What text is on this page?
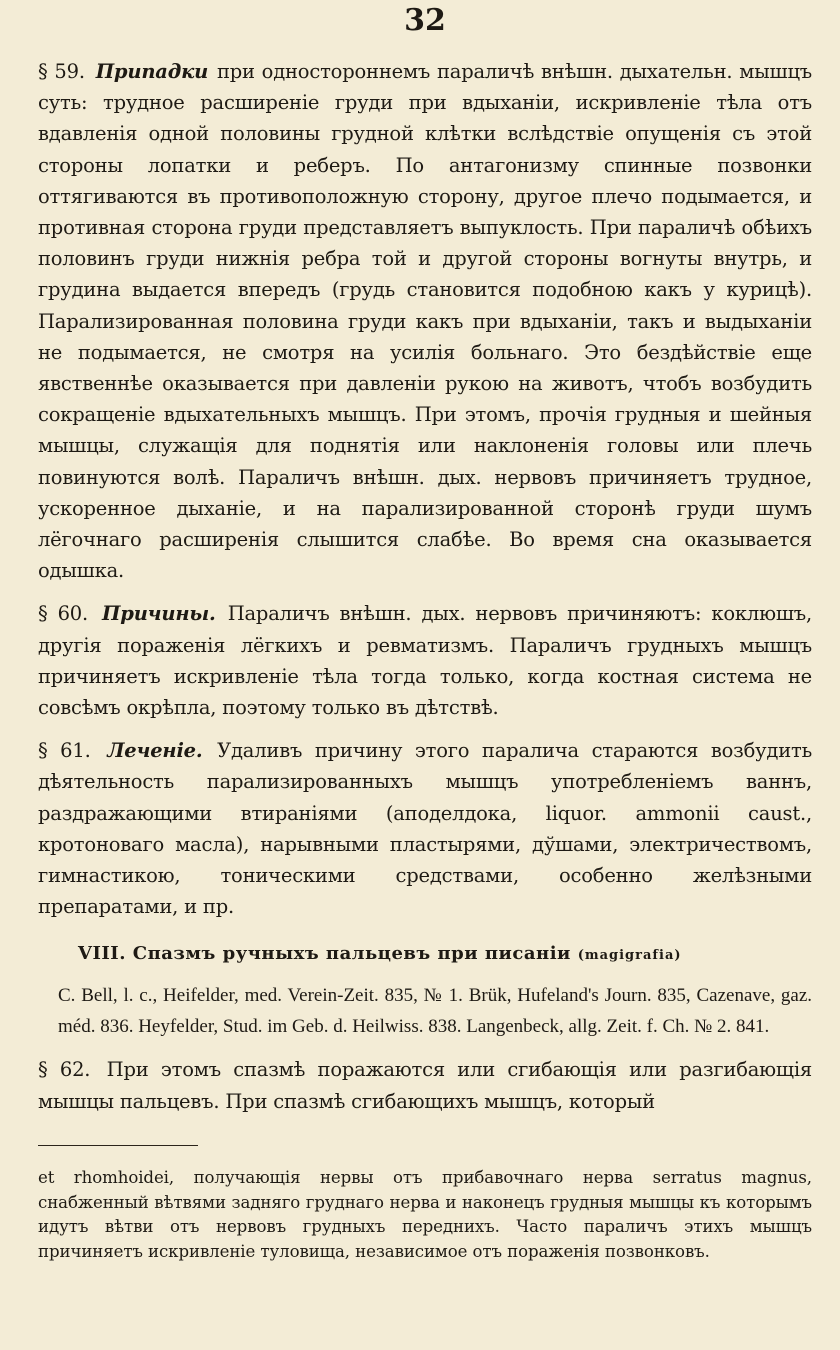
32

§ 59. Припадки при одностороннемъ параличѣ внѣшн. дыхательн. мышцъ суть: трудное расширеніе груди при вдыханіи, искривленіе тѣла отъ вдавленія одной половины грудной клѣтки вслѣдствіе опущенія съ этой стороны лопатки и реберъ. По антагонизму спинные позвонки оттягиваются въ противоположную сторону, другое плечо подымается, и противная сторона груди представляетъ выпуклость. При параличѣ обѣихъ половинъ груди нижнія ребра той и другой стороны вогнуты внутрь, и грудина выдается впередъ (грудь становится подобною какъ у курицѣ). Парализированная половина груди какъ при вдыханіи, такъ и выдыханіи не подымается, не смотря на усилія больнаго. Это бездѣйствіе еще явственнѣе оказывается при давленіи рукою на животъ, чтобъ возбудить сокращеніе вдыхательныхъ мышцъ. При этомъ, прочія грудныя и шейныя мышцы, служащія для поднятія или наклоненія головы или плечь повинуются волѣ. Параличъ внѣшн. дых. нервовъ причиняетъ трудное, ускоренное дыханіе, и на парализированной сторонѣ груди шумъ лёгочнаго расширенія слышится слабѣе. Во время сна оказывается одышка.

§ 60. Причины. Параличъ внѣшн. дых. нервовъ причиняютъ: коклюшъ, другія пораженія лёгкихъ и ревматизмъ. Параличъ грудныхъ мышцъ причиняетъ искривленіе тѣла тогда только, когда костная система не совсѣмъ окрѣпла, поэтому только въ дѣтствѣ.

§ 61. Леченіе. Удаливъ причину этого паралича стараются возбудить дѣятельность парализированныхъ мышцъ употребленіемъ ваннъ, раздражающими втираніями (аподелдока, liquor. ammonii caust., кротоноваго масла), нарывными пластырями, дўшами, электричествомъ, гимнастикою, тоническими средствами, особенно желѣзными препаратами, и пр.

VIII. Спазмъ ручныхъ пальцевъ при писаніи (magigrafia)

C. Bell, l. c., Heifelder, med. Verein-Zeit. 835, № 1. Brük, Hufeland's Journ. 835, Cazenave, gaz. méd. 836. Heyfelder, Stud. im Geb. d. Heilwiss. 838. Langenbeck, allg. Zeit. f. Ch. № 2. 841.

§ 62. При этомъ спазмѣ поражаются или сгибающія или разгибающія мышцы пальцевъ. При спазмѣ сгибающихъ мышцъ, который

et rhomhoidei, получающія нервы отъ прибавочнаго нерва serratus magnus, снабженный вѣтвями задняго груднаго нерва и наконецъ грудныя мышцы къ которымъ идутъ вѣтви отъ нервовъ грудныхъ переднихъ. Часто параличъ этихъ мышцъ причиняетъ искривленіе туловища, независимое отъ пораженія позвонковъ.
